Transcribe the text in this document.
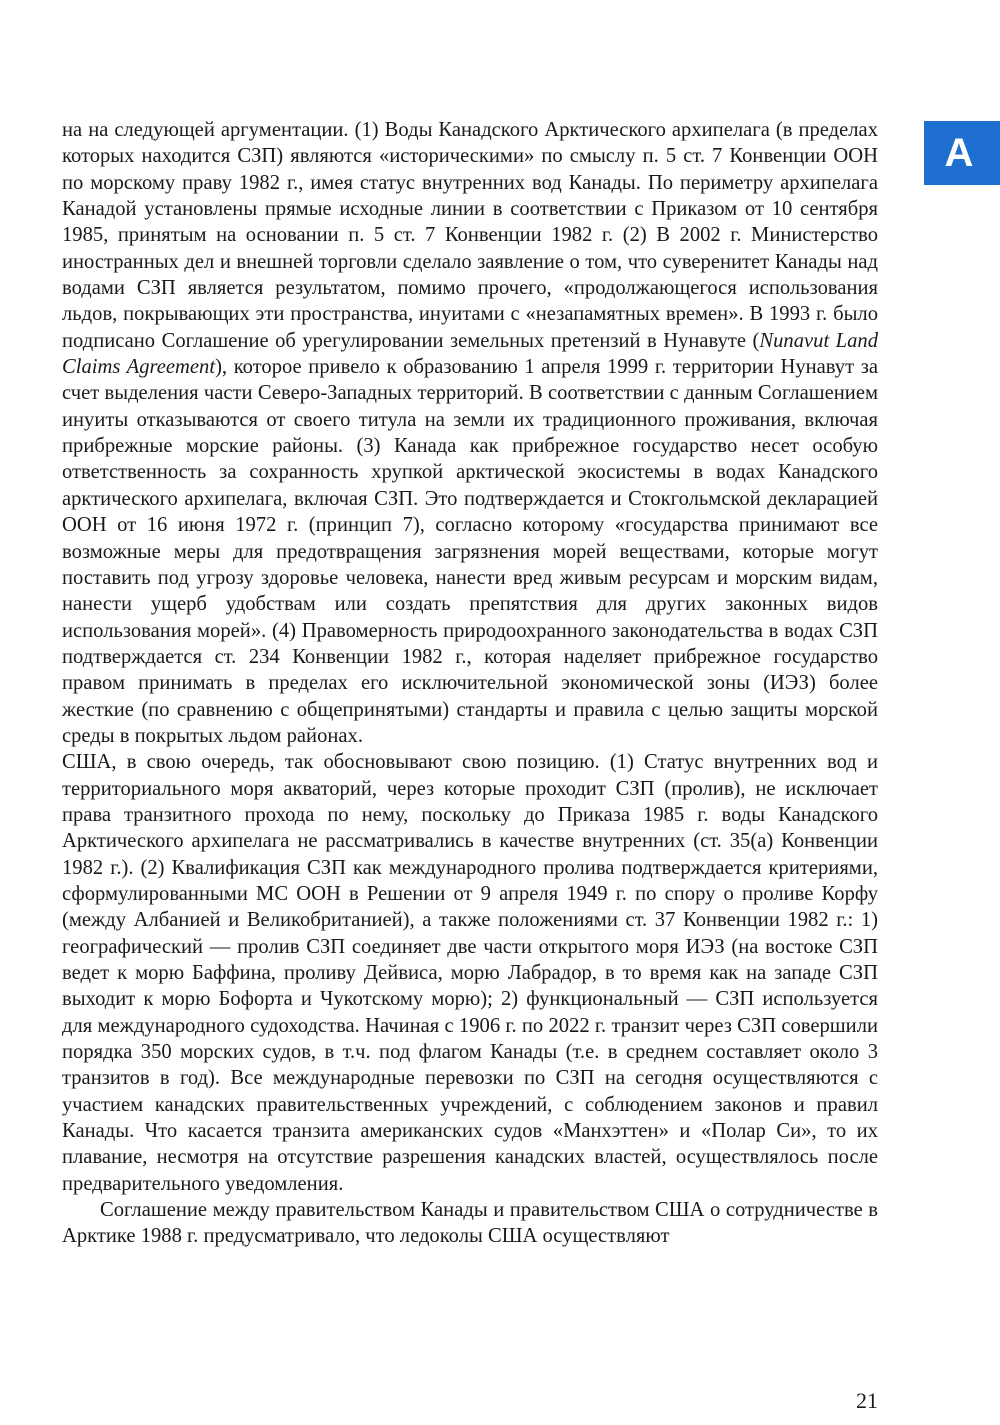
А

на на следующей аргументации. (1) Воды Канадского Арктического архипелага (в пределах которых находится СЗП) являются «историческими» по смыслу п. 5 ст. 7 Конвенции ООН по морскому праву 1982 г., имея статус внутренних вод Канады. По периметру архипелага Канадой установлены прямые исходные линии в соответствии с Приказом от 10 сентября 1985, принятым на основании п. 5 ст. 7 Конвенции 1982 г. (2) В 2002 г. Министерство иностранных дел и внешней торговли сделало заявление о том, что суверенитет Канады над водами СЗП является результатом, помимо прочего, «продолжающегося использования льдов, покрывающих эти пространства, инуитами с «незапамятных времен». В 1993 г. было подписано Соглашение об урегулировании земельных претензий в Нунавуте (Nunavut Land Claims Agreement), которое привело к образованию 1 апреля 1999 г. территории Нунавут за счет выделения части Северо-Западных территорий. В соответствии с данным Соглашением инуиты отказываются от своего титула на земли их традиционного проживания, включая прибрежные морские районы. (3) Канада как прибрежное государство несет особую ответственность за сохранность хрупкой арктической экосистемы в водах Канадского арктического архипелага, включая СЗП. Это подтверждается и Стокгольмской декларацией ООН от 16 июня 1972 г. (принцип 7), согласно которому «государства принимают все возможные меры для предотвращения загрязнения морей веществами, которые могут поставить под угрозу здоровье человека, нанести вред живым ресурсам и морским видам, нанести ущерб удобствам или создать препятствия для других законных видов использования морей». (4) Правомерность природоохранного законодательства в водах СЗП подтверждается ст. 234 Конвенции 1982 г., которая наделяет прибрежное государство правом принимать в пределах его исключительной экономической зоны (ИЭЗ) более жесткие (по сравнению с общепринятыми) стандарты и правила с целью защиты морской среды в покрытых льдом районах.

США, в свою очередь, так обосновывают свою позицию. (1) Статус внутренних вод и территориального моря акваторий, через которые проходит СЗП (пролив), не исключает права транзитного прохода по нему, поскольку до Приказа 1985 г. воды Канадского Арктического архипелага не рассматривались в качестве внутренних (ст. 35(а) Конвенции 1982 г.). (2) Квалификация СЗП как международного пролива подтверждается критериями, сформулированными МС ООН в Решении от 9 апреля 1949 г. по спору о проливе Корфу (между Албанией и Великобританией), а также положениями ст. 37 Конвенции 1982 г.: 1) географический — пролив СЗП соединяет две части открытого моря ИЭЗ (на востоке СЗП ведет к морю Баффина, проливу Дейвиса, морю Лабрадор, в то время как на западе СЗП выходит к морю Бофорта и Чукотскому морю); 2) функциональный — СЗП используется для международного судоходства. Начиная с 1906 г. по 2022 г. транзит через СЗП совершили порядка 350 морских судов, в т.ч. под флагом Канады (т.е. в среднем составляет около 3 транзитов в год). Все международные перевозки по СЗП на сегодня осуществляются с участием канадских правительственных учреждений, с соблюдением законов и правил Канады. Что касается транзита американских судов «Манхэттен» и «Полар Си», то их плавание, несмотря на отсутствие разрешения канадских властей, осуществлялось после предварительного уведомления.

Соглашение между правительством Канады и правительством США о сотрудничестве в Арктике 1988 г. предусматривало, что ледоколы США осуществляют

21
